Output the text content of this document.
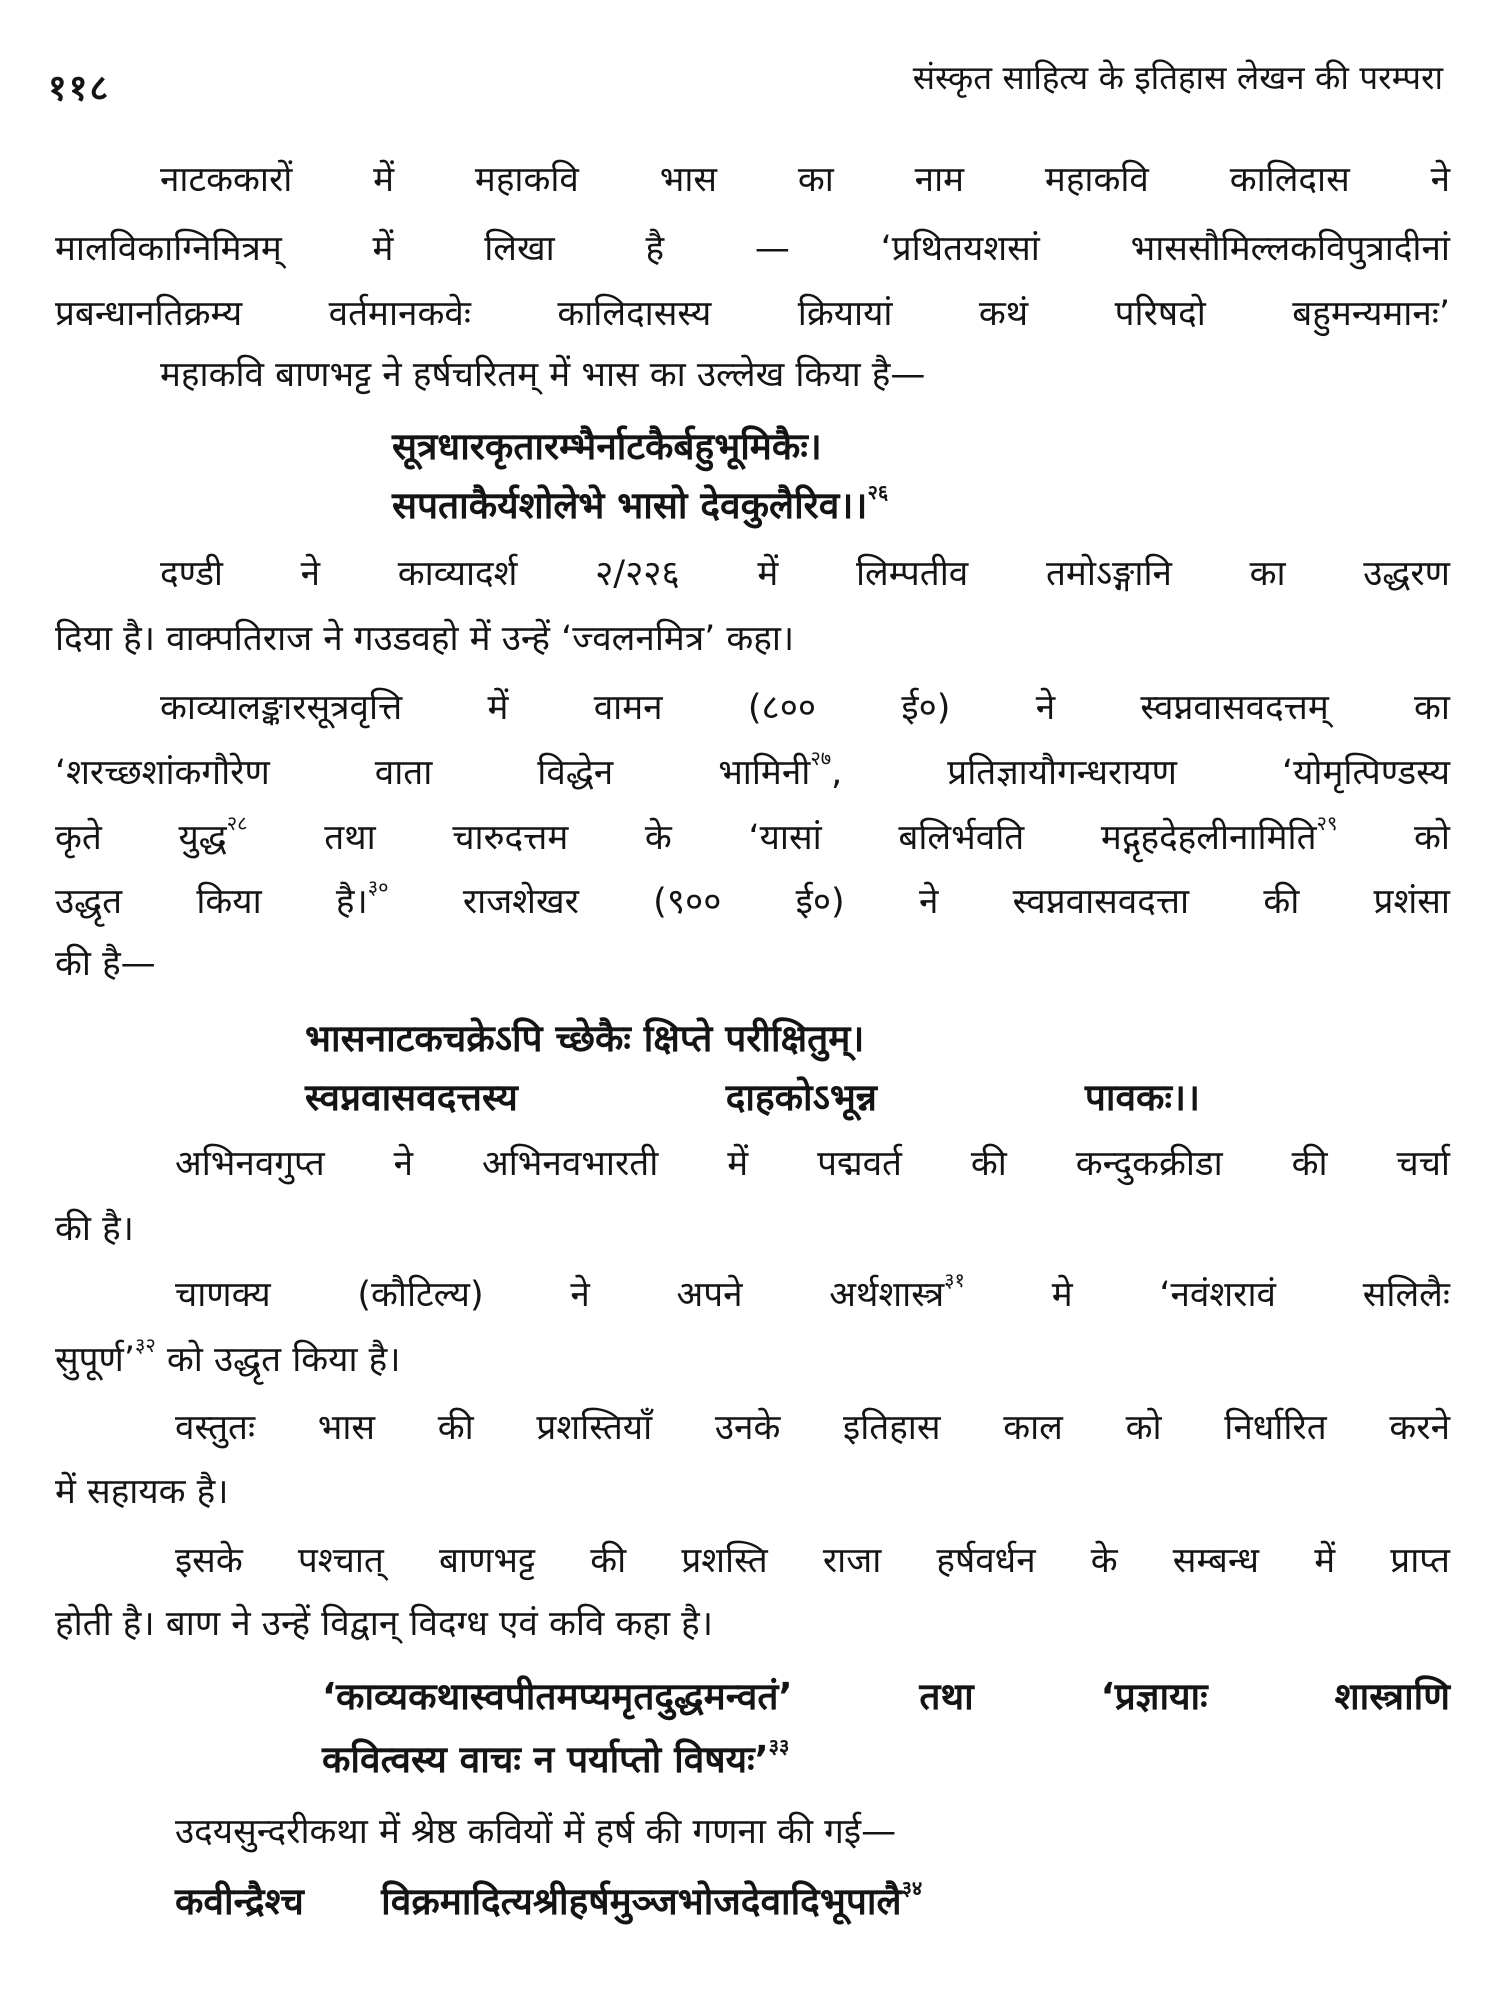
११८	संस्कृत साहित्य के इतिहास लेखन की परम्परा
नाटककारों में महाकवि भास का नाम महाकवि कालिदास ने
मालविकाग्निमित्रम् में लिखा है — ‘प्रथितयशसां भाससौमिल्लकविपुत्रादीनां
प्रबन्धानतिक्रम्य वर्तमानकवेः कालिदासस्य क्रियायां कथं परिषदो बहुमन्यमानः’
महाकवि बाणभट्ट ने हर्षचरितम् में भास का उल्लेख किया है—
सूत्रधारकृतारम्भैर्नाटकैर्बहुभूमिकैः।
सपताकैर्यशोलेभे भासो देवकुलैरिव।।$^{२६}$
दण्डी ने काव्यादर्श २/२२६ में लिम्पतीव तमोऽङ्गानि का उद्धरण
दिया है। वाक्पतिराज ने गउडवहो में उन्हें ‘ज्वलनमित्र’ कहा।
काव्यालङ्कारसूत्रवृत्ति में वामन (८०० ई०) ने स्वप्नवासवदत्तम् का
‘शरच्छशांकगौरेण वाता विद्धेन भामिनी$^{२७}$, प्रतिज्ञायौगन्धरायण ‘योमृत्पिण्डस्य
कृते युद्ध$^{२८}$ तथा चारुदत्तम के ‘यासां बलिर्भवति मद्गृहदेहलीनामिति$^{२९}$ को
उद्धृत किया है।$^{३०}$ राजशेखर (९०० ई०) ने स्वप्नवासवदत्ता की प्रशंसा
की है—
भासनाटकचक्रेऽपि च्छेकैः क्षिप्ते परीक्षितुम्।
स्वप्नवासवदत्तस्य दाहकोऽभून्न पावकः।।
अभिनवगुप्त ने अभिनवभारती में पद्मवर्त की कन्दुकक्रीडा की चर्चा
की है।
चाणक्य (कौटिल्य) ने अपने अर्थशास्त्र$^{३१}$ मे ‘नवंशरावं सलिलैः
सुपूर्ण’$^{३२}$ को उद्धृत किया है।
वस्तुतः भास की प्रशस्तियाँ उनके इतिहास काल को निर्धारित करने
में सहायक है।
इसके पश्चात् बाणभट्ट की प्रशस्ति राजा हर्षवर्धन के सम्बन्ध में प्राप्त
होती है। बाण ने उन्हें विद्वान् विदग्ध एवं कवि कहा है।
‘काव्यकथास्वपीतमप्यमृतदुद्धमन्वतं’ तथा ‘प्रज्ञायाः शास्त्राणि
कवित्वस्य वाचः न पर्याप्तो विषयः’$^{३३}$
उदयसुन्दरीकथा में श्रेष्ठ कवियों में हर्ष की गणना की गई—
कवीन्द्रैश्च      विक्रमादित्यश्रीहर्षमुञ्जभोजदेवादिभूपालै$^{३४}$
